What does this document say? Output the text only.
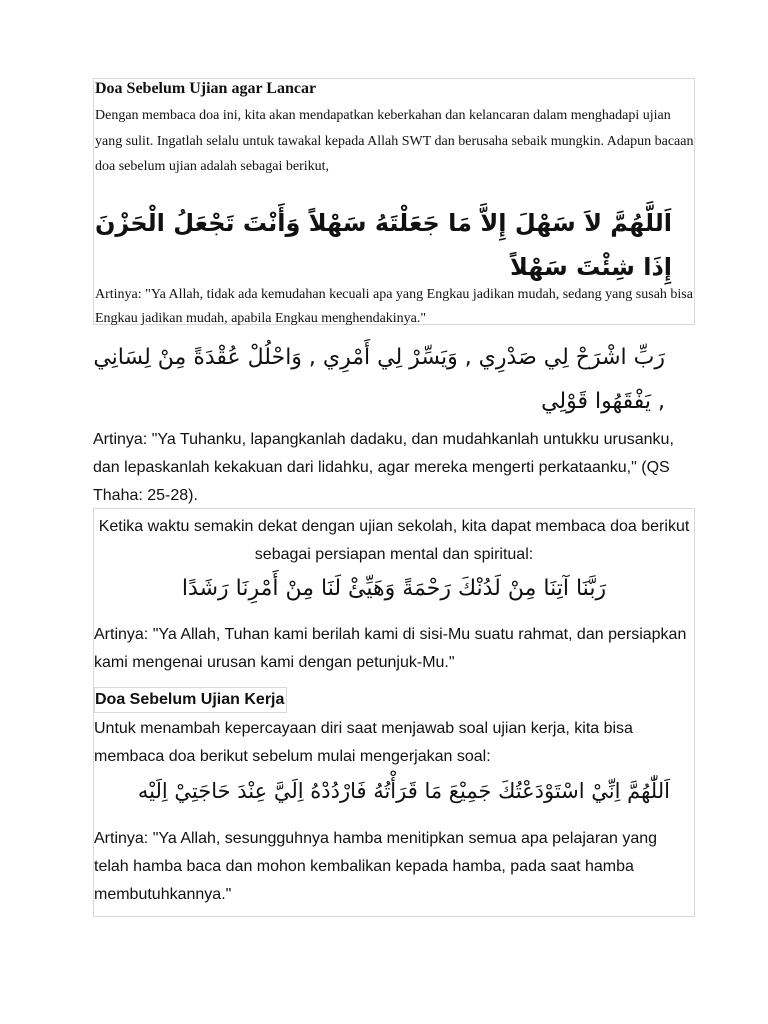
Doa Sebelum Ujian agar Lancar
Dengan membaca doa ini, kita akan mendapatkan keberkahan dan kelancaran dalam menghadapi ujian yang sulit. Ingatlah selalu untuk tawakal kepada Allah SWT dan berusaha sebaik mungkin. Adapun bacaan doa sebelum ujian adalah sebagai berikut,
اَللَّهُمَّ لاَ سَهْلَ إِلاَّ مَا جَعَلْتَهُ سَهْلاً وَأَنْتَ تَجْعَلُ الْحَزْنَ إِذَا شِئْتَ سَهْلاً
Artinya: "Ya Allah, tidak ada kemudahan kecuali apa yang Engkau jadikan mudah, sedang yang susah bisa Engkau jadikan mudah, apabila Engkau menghendakinya."
رَبِّ اشْرَحْ لِي صَدْرِي , وَيَسِّرْ لِي أَمْرِي , وَاحْلُلْ عُقْدَةً مِنْ لِسَانِي , يَفْقَهُوا قَوْلِي
Artinya: "Ya Tuhanku, lapangkanlah dadaku, dan mudahkanlah untukku urusanku, dan lepaskanlah kekakuan dari lidahku, agar mereka mengerti perkataanku," (QS Thaha: 25-28).
Ketika waktu semakin dekat dengan ujian sekolah, kita dapat membaca doa berikut sebagai persiapan mental dan spiritual:
رَبَّنَا آتِنَا مِنْ لَدُنْكَ رَحْمَةً وَهَيِّئْ لَنَا مِنْ أَمْرِنَا رَشَدًا
Artinya: "Ya Allah, Tuhan kami berilah kami di sisi-Mu suatu rahmat, dan persiapkan kami mengenai urusan kami dengan petunjuk-Mu."
Doa Sebelum Ujian Kerja
Untuk menambah kepercayaan diri saat menjawab soal ujian kerja, kita bisa membaca doa berikut sebelum mulai mengerjakan soal:
اَللّٰهُمَّ اِنِّيْ اسْتَوْدَعْتُكَ جَمِيْعَ مَا قَرَأْتُهُ فَارْدُدْهُ اِلَيَّ عِنْدَ حَاجَتِيْ اِلَيْه
Artinya: "Ya Allah, sesungguhnya hamba menitipkan semua apa pelajaran yang telah hamba baca dan mohon kembalikan kepada hamba, pada saat hamba membutuhkannya."
